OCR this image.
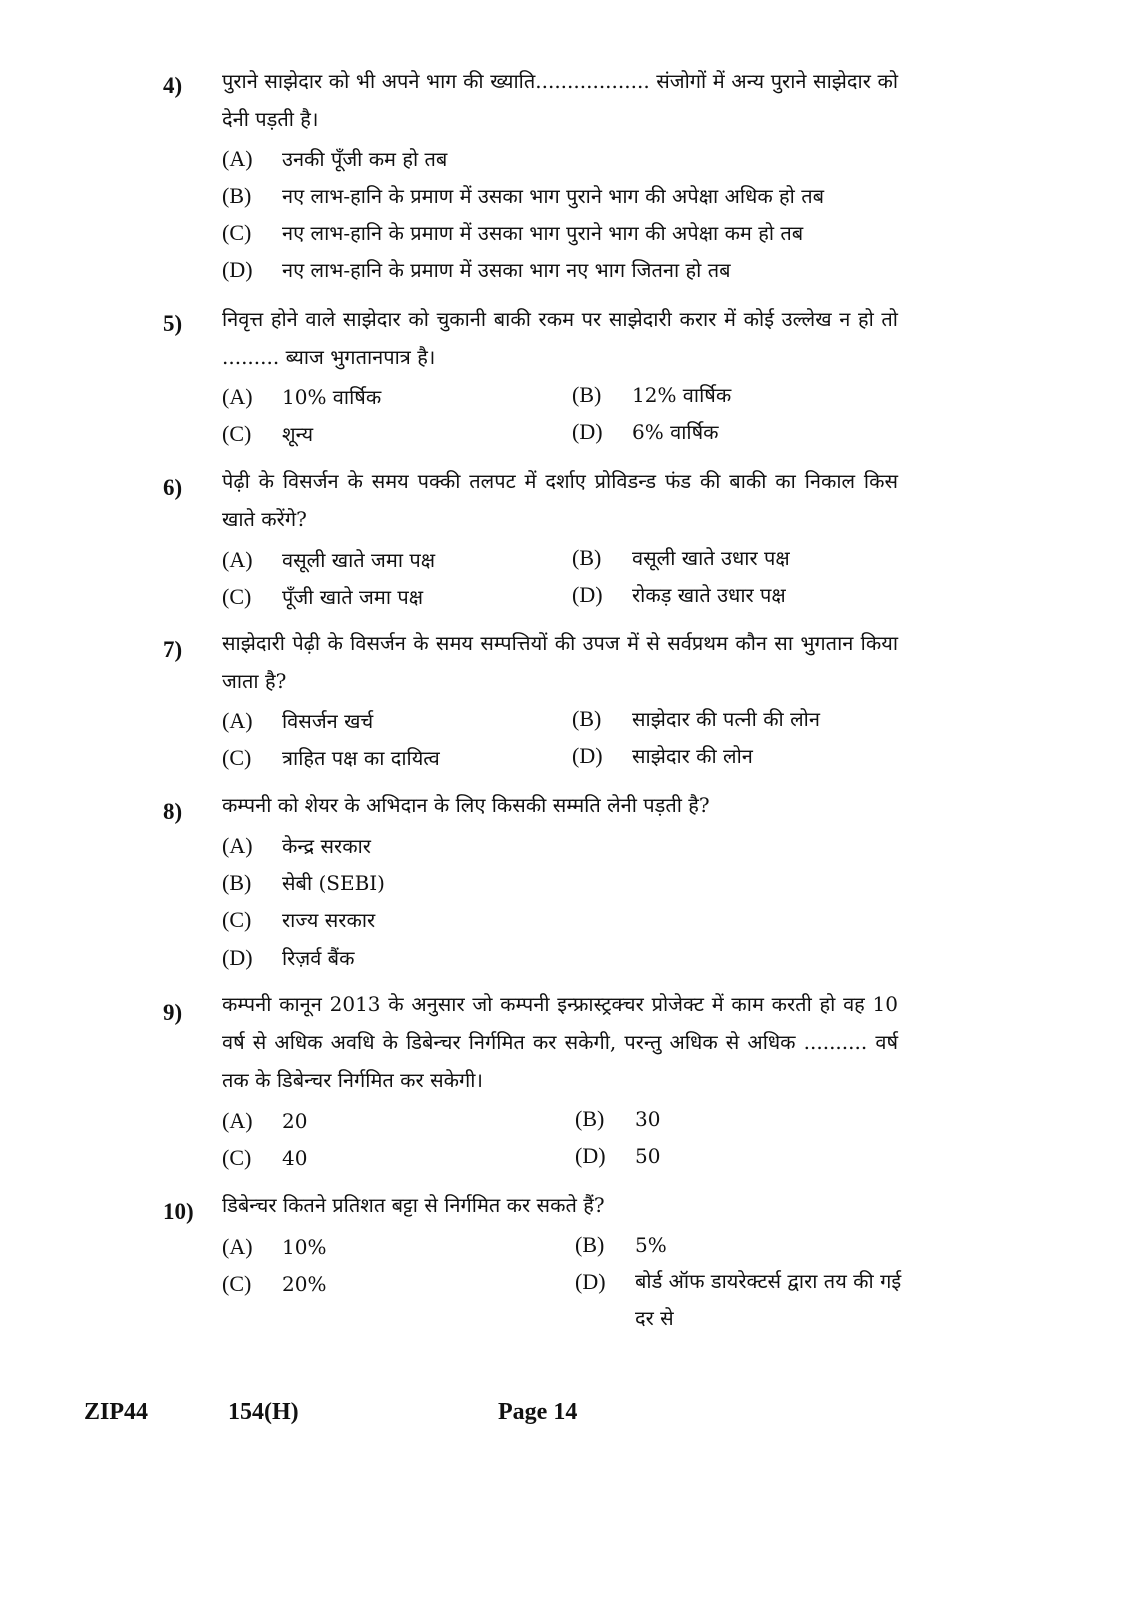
4) पुराने साझेदार को भी अपने भाग की ख्याति.................. संजोगों में अन्य पुराने साझेदार को देनी पड़ती है।
(A) उनकी पूँजी कम हो तब
(B) नए लाभ-हानि के प्रमाण में उसका भाग पुराने भाग की अपेक्षा अधिक हो तब
(C) नए लाभ-हानि के प्रमाण में उसका भाग पुराने भाग की अपेक्षा कम हो तब
(D) नए लाभ-हानि के प्रमाण में उसका भाग नए भाग जितना हो तब
5) निवृत्त होने वाले साझेदार को चुकानी बाकी रकम पर साझेदारी करार में कोई उल्लेख न हो तो ......... ब्याज भुगतानपात्र है।
(A) 10% वार्षिक	(B) 12% वार्षिक
(C) शून्य	(D) 6% वार्षिक
6) पेढ़ी के विसर्जन के समय पक्की तलपट में दर्शाए प्रोविडन्ड फंड की बाकी का निकाल किस खाते करेंगे?
(A) वसूली खाते जमा पक्ष	(B) वसूली खाते उधार पक्ष
(C) पूँजी खाते जमा पक्ष	(D) रोकड़ खाते उधार पक्ष
7) साझेदारी पेढ़ी के विसर्जन के समय सम्पत्तियों की उपज में से सर्वप्रथम कौन सा भुगतान किया जाता है?
(A) विसर्जन खर्च	(B) साझेदार की पत्नी की लोन
(C) त्राहित पक्ष का दायित्व	(D) साझेदार की लोन
8) कम्पनी को शेयर के अभिदान के लिए किसकी सम्मति लेनी पड़ती है?
(A) केन्द्र सरकार
(B) सेबी (SEBI)
(C) राज्य सरकार
(D) रिज़र्व बैंक
9) कम्पनी कानून 2013 के अनुसार जो कम्पनी इन्फ्रास्ट्रक्चर प्रोजेक्ट में काम करती हो वह 10 वर्ष से अधिक अवधि के डिबेन्चर निर्गमित कर सकेगी, परन्तु अधिक से अधिक .......... वर्ष तक के डिबेन्चर निर्गमित कर सकेगी।
(A) 20	(B) 30
(C) 40	(D) 50
10) डिबेन्चर कितने प्रतिशत बट्टा से निर्गमित कर सकते हैं?
(A) 10%	(B) 5%
(C) 20%	(D) बोर्ड ऑफ डायरेक्टर्स द्वारा तय की गई दर से
ZIP44	154(H)	Page 14
